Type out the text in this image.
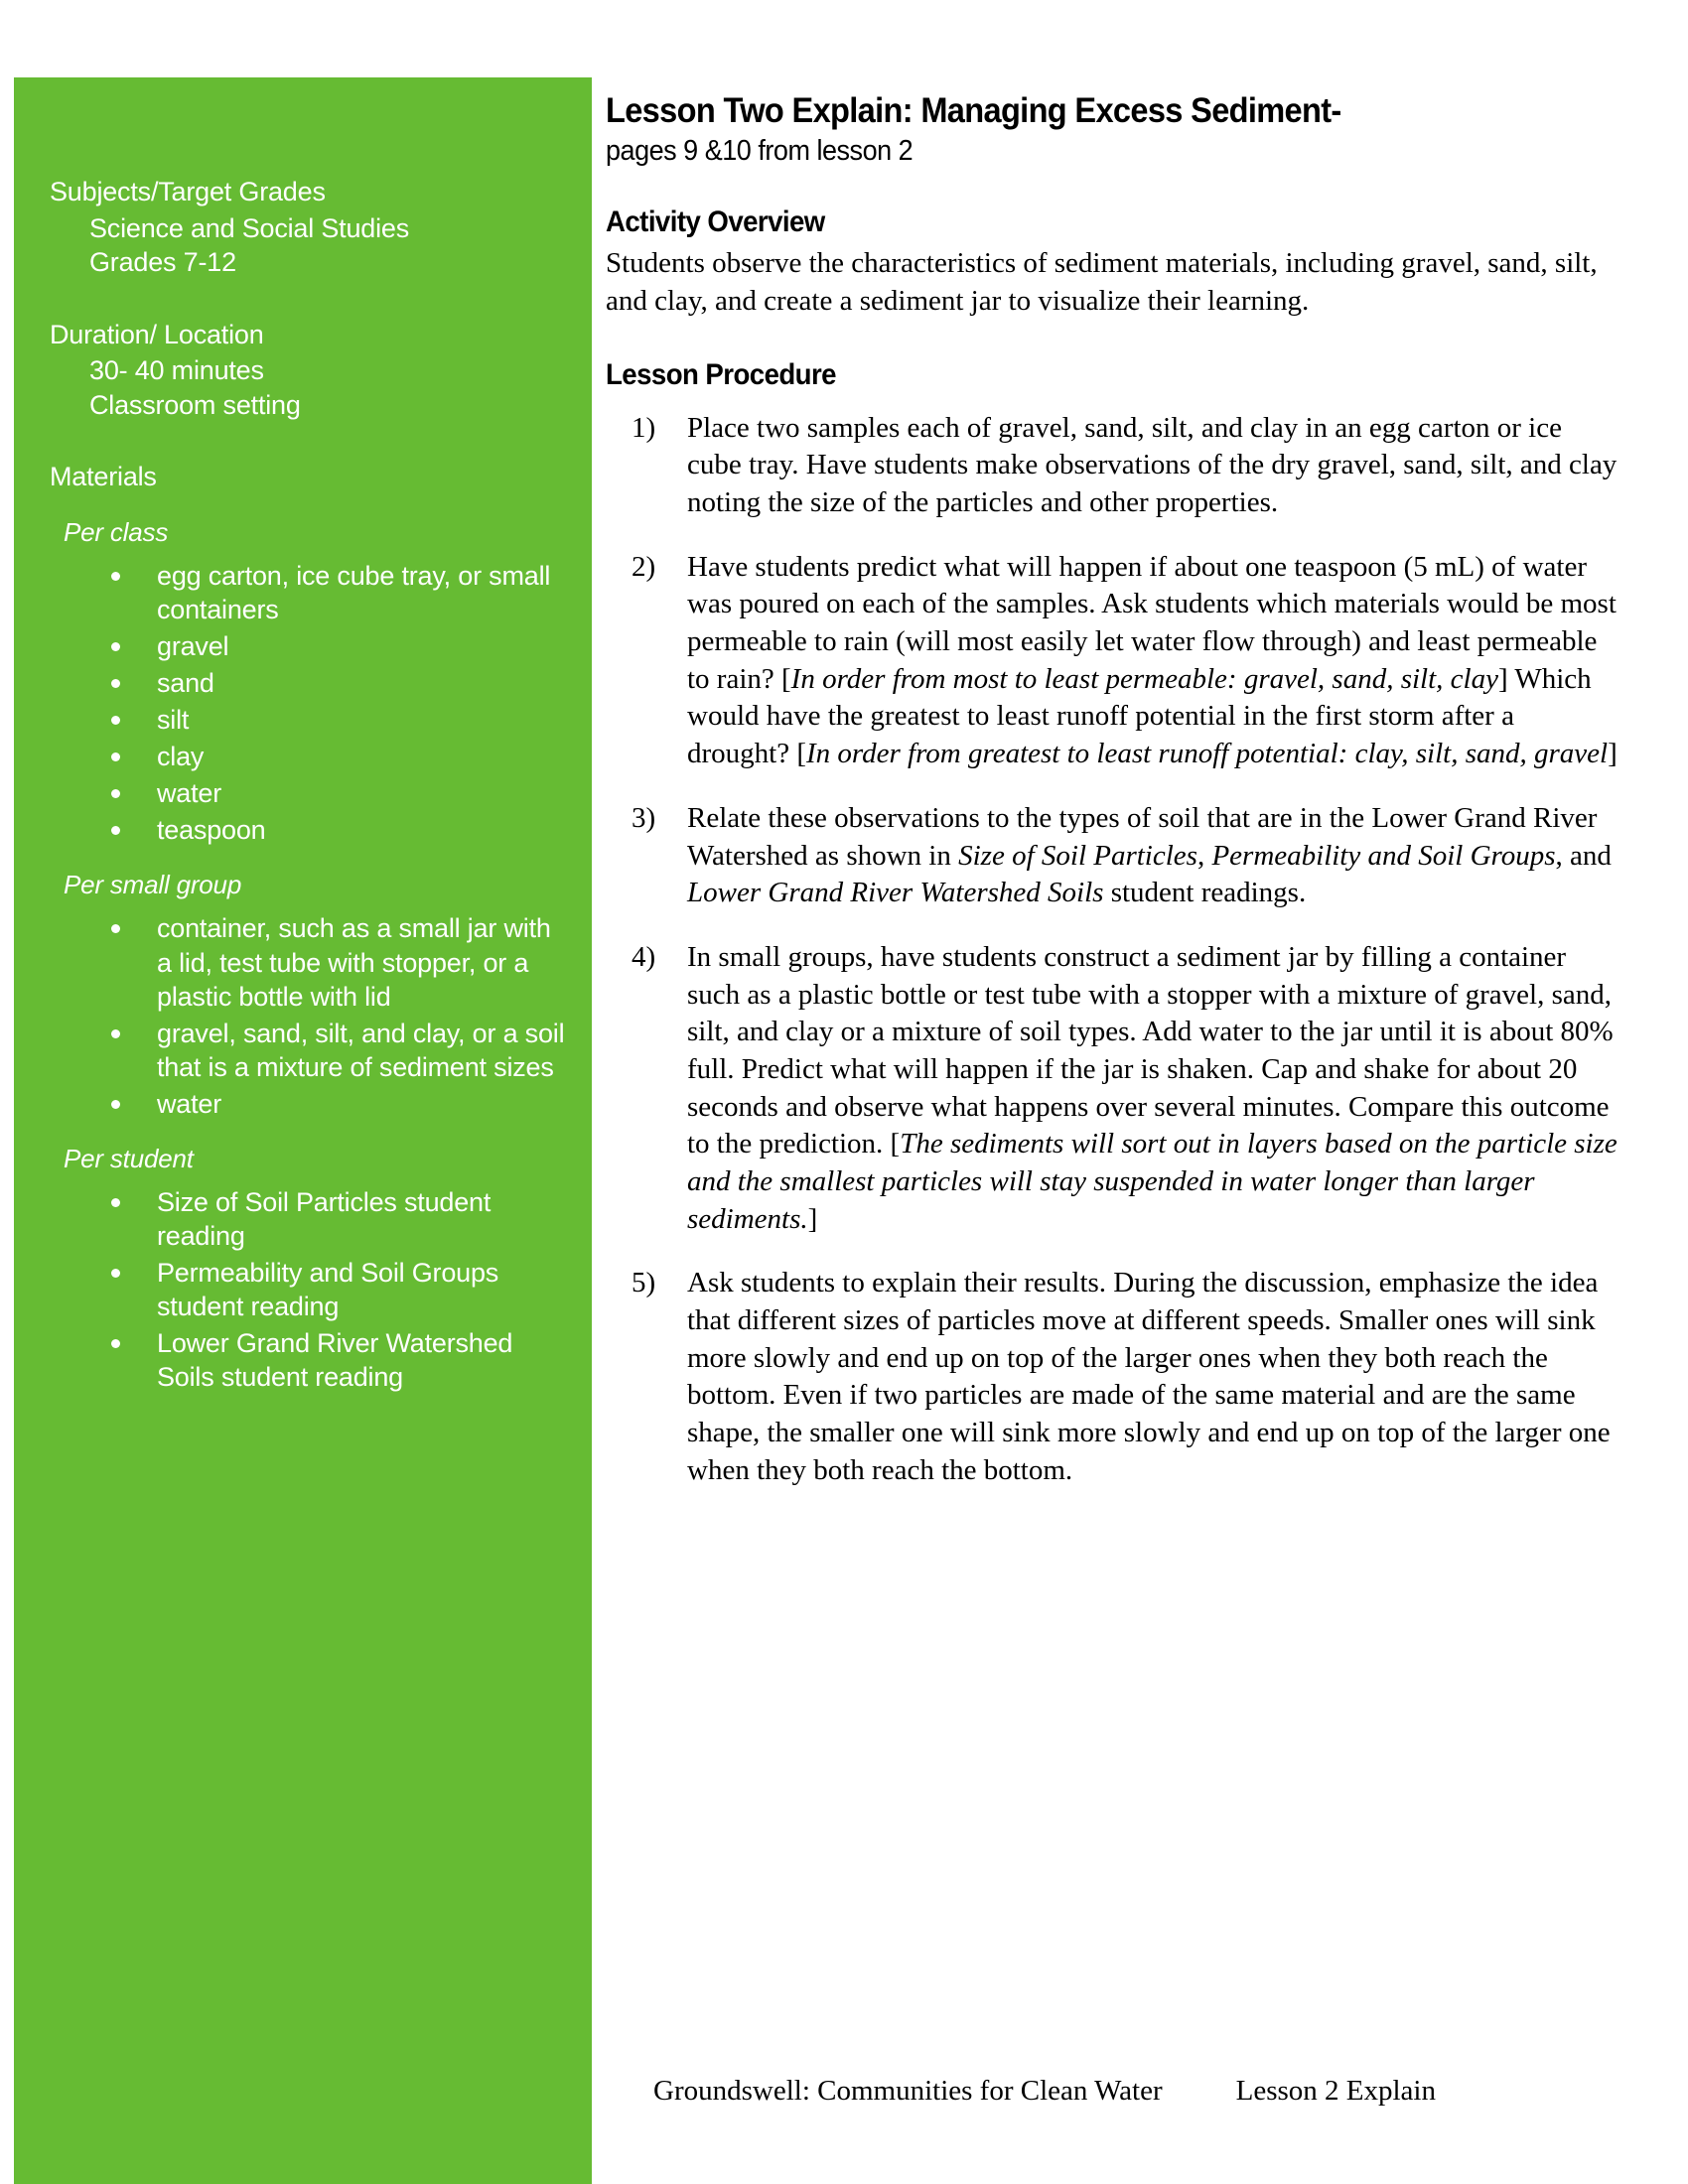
Subjects/Target Grades

Science and Social Studies

Grades 7-12

Duration/ Location

30- 40 minutes

Classroom setting

Materials

Per class

egg carton, ice cube tray, or small containers
gravel
sand
silt
clay
water
teaspoon

Per small group

container, such as a small jar with a lid, test tube with stopper, or a plastic bottle with lid
gravel, sand, silt, and clay, or a soil that is a mixture of sediment sizes
water

Per student

Size of Soil Particles student reading
Permeability and Soil Groups student reading
Lower Grand River Watershed Soils student reading
Lesson Two Explain: Managing Excess Sediment-

pages 9 &10 from lesson 2

Activity Overview

Students observe the characteristics of sediment materials, including gravel, sand, silt, and clay, and create a sediment jar to visualize their learning.

Lesson Procedure
Place two samples each of gravel, sand, silt, and clay in an egg carton or ice cube tray. Have students make observations of the dry gravel, sand, silt, and clay noting the size of the particles and other properties.
Have students predict what will happen if about one teaspoon (5 mL) of water was poured on each of the samples. Ask students which materials would be most permeable to rain (will most easily let water flow through) and least permeable to rain? [In order from most to least permeable: gravel, sand, silt, clay] Which would have the greatest to least runoff potential in the first storm after a drought? [In order from greatest to least runoff potential: clay, silt, sand, gravel]
Relate these observations to the types of soil that are in the Lower Grand River Watershed as shown in Size of Soil Particles, Permeability and Soil Groups, and Lower Grand River Watershed Soils student readings.
In small groups, have students construct a sediment jar by filling a container such as a plastic bottle or test tube with a stopper with a mixture of gravel, sand, silt, and clay or a mixture of soil types. Add water to the jar until it is about 80% full. Predict what will happen if the jar is shaken. Cap and shake for about 20 seconds and observe what happens over several minutes. Compare this outcome to the prediction. [The sediments will sort out in layers based on the particle size and the smallest particles will stay suspended in water longer than larger sediments.]
Ask students to explain their results. During the discussion, emphasize the idea that different sizes of particles move at different speeds. Smaller ones will sink more slowly and end up on top of the larger ones when they both reach the bottom. Even if two particles are made of the same material and are the same shape, the smaller one will sink more slowly and end up on top of the larger one when they both reach the bottom.
Groundswell: Communities for Clean Water	Lesson 2 Explain
